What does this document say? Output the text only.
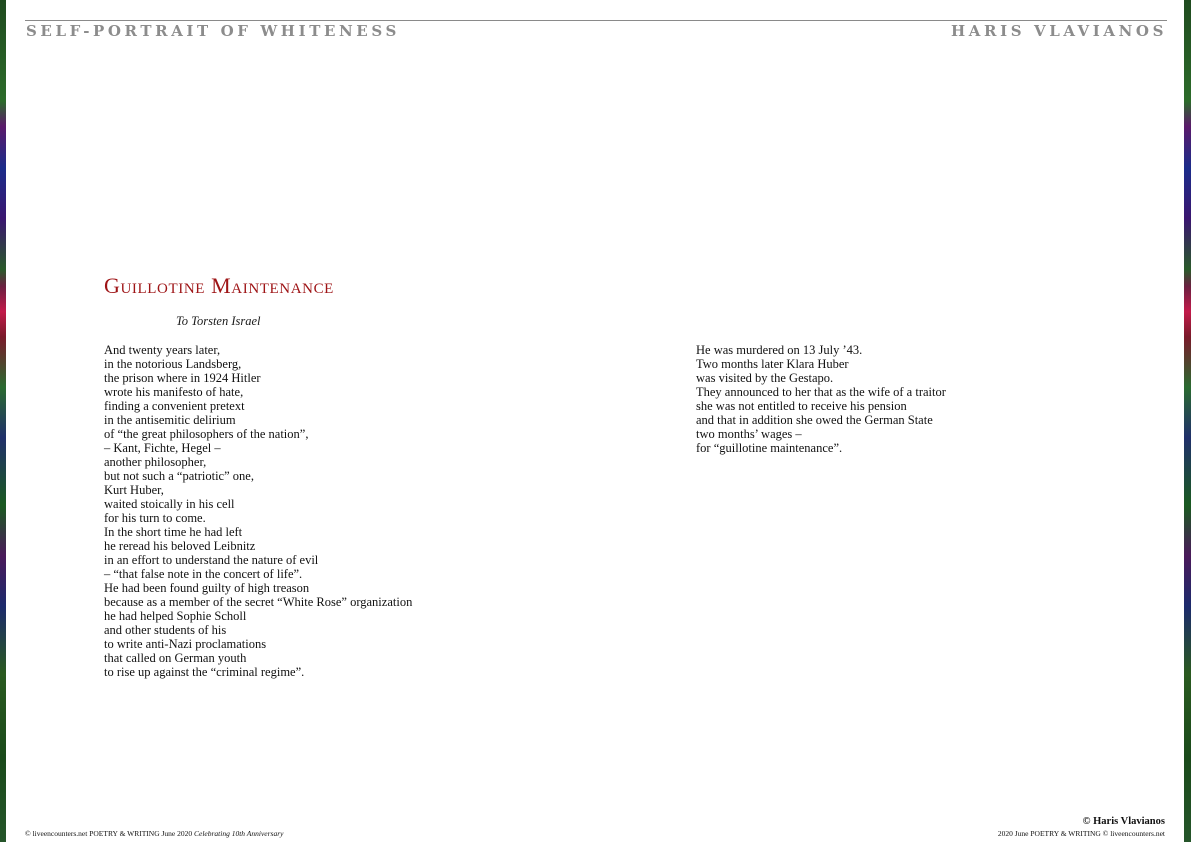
SELF-PORTRAIT OF WHITENESS	HARIS VLAVIANOS
Guillotine Maintenance
To Torsten Israel
And twenty years later,
in the notorious Landsberg,
the prison where in 1924 Hitler
wrote his manifesto of hate,
finding a convenient pretext
in the antisemitic delirium
of “the great philosophers of the nation”,
– Kant, Fichte, Hegel –
another philosopher,
but not such a “patriotic” one,
Kurt Huber,
waited stoically in his cell
for his turn to come.
In the short time he had left
he reread his beloved Leibnitz
in an effort to understand the nature of evil
– “that false note in the concert of life”.
He had been found guilty of high treason
because as a member of the secret “White Rose” organization
he had helped Sophie Scholl
and other students of his
to write anti-Nazi proclamations
that called on German youth
to rise up against the “criminal regime”.
He was murdered on 13 July ’43.
Two months later Klara Huber
was visited by the Gestapo.
They announced to her that as the wife of a traitor
she was not entitled to receive his pension
and that in addition she owed the German State
two months’ wages –
for “guillotine maintenance”.
© liveencounters.net POETRY & WRITING June 2020 Celebrating 10th Anniversary
© Haris Vlavianos
2020 June POETRY & WRITING © liveencounters.net
